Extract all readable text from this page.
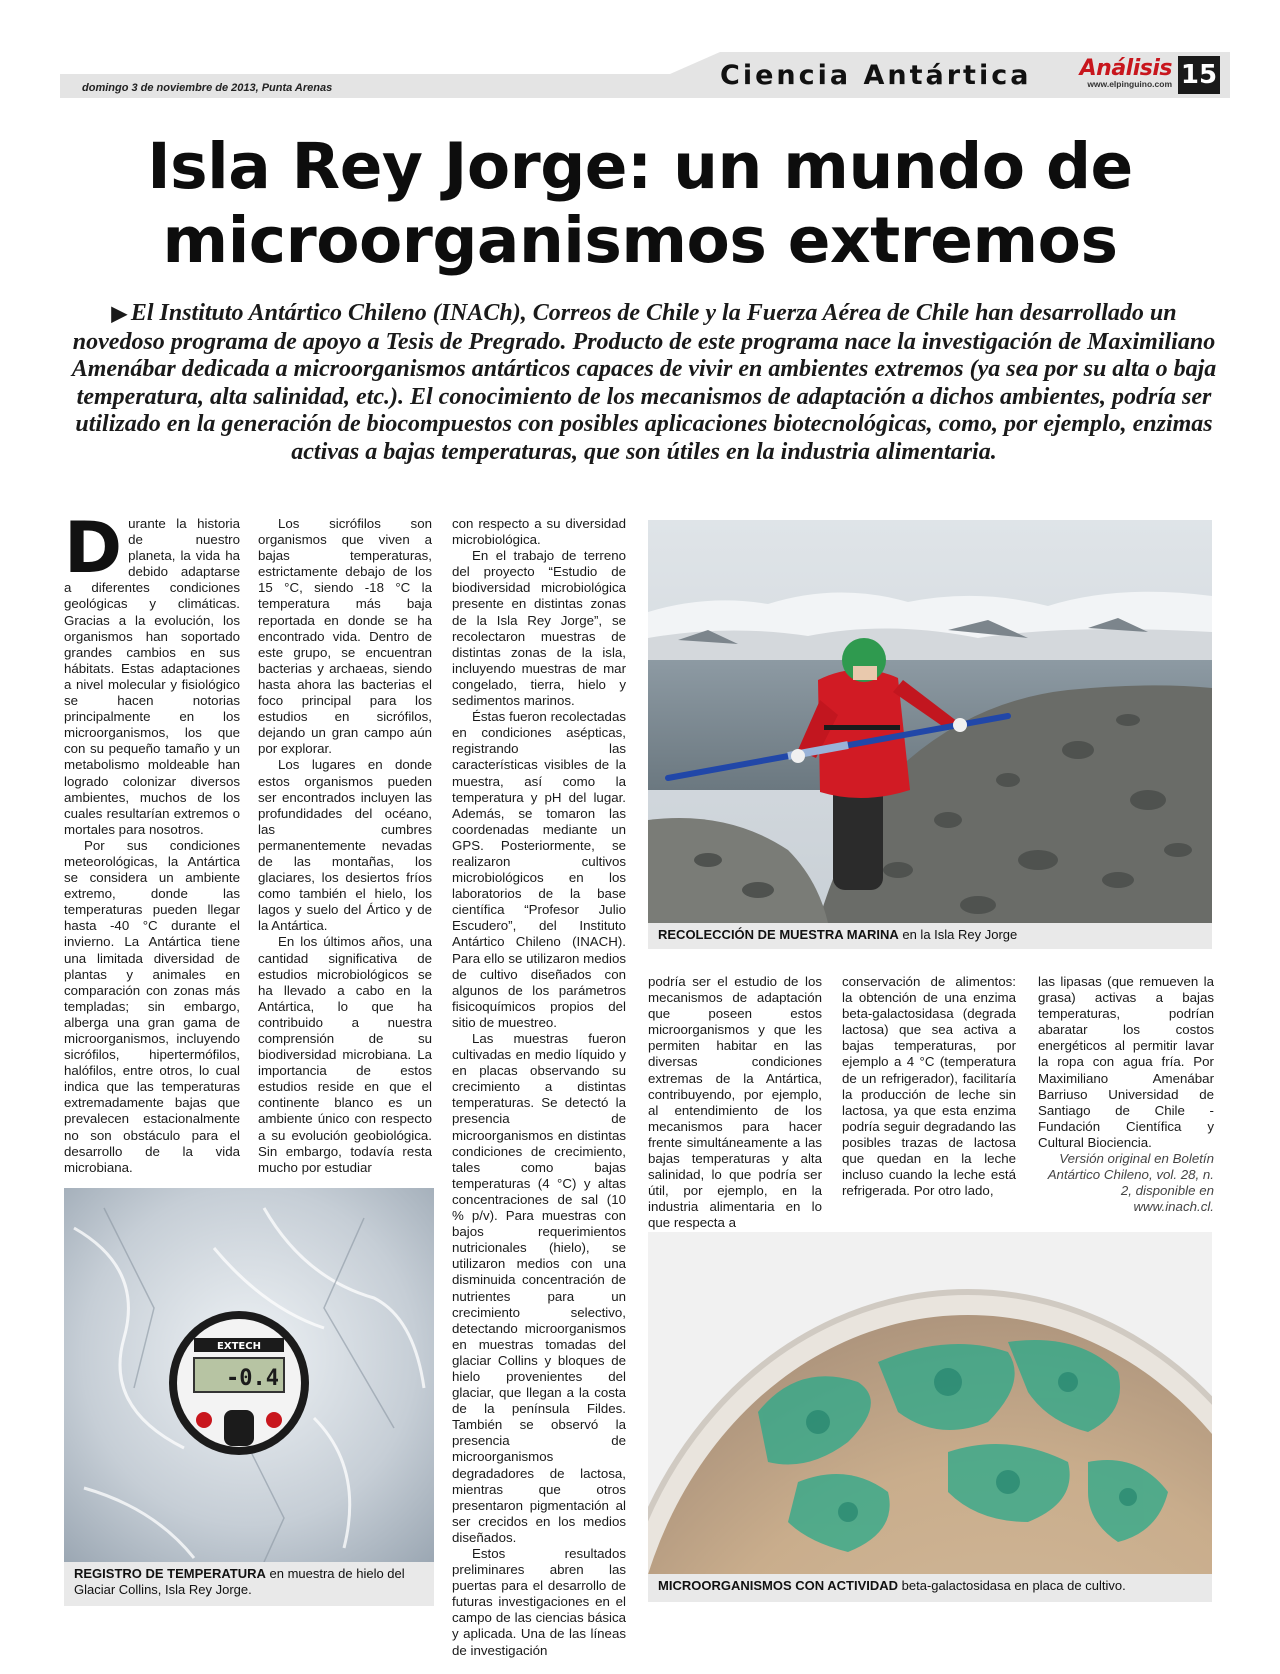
domingo 3 de noviembre de 2013, Punta Arenas	Ciencia Antártica	Análisis
www.elpinguino.com 15
Isla Rey Jorge: un mundo de
microorganismos extremos
▶ El Instituto Antártico Chileno (INACh), Correos de Chile y la Fuerza Aérea de Chile han desarrollado un novedoso programa de apoyo a Tesis de Pregrado. Producto de este programa nace la investigación de Maximiliano Amenábar dedicada a microorganismos antárticos capaces de vivir en ambientes extremos (ya sea por su alta o baja temperatura, alta salinidad, etc.). El conocimiento de los mecanismos de adaptación a dichos ambientes, podría ser utilizado en la generación de biocompuestos con posibles aplicaciones biotecnológicas, como, por ejemplo, enzimas activas a bajas temperaturas, que son útiles en la industria alimentaria.

Durante la historia de nuestro planeta, la vida ha debido adaptarse a diferentes condiciones geológicas y climáticas. Gracias a la evolución, los organismos han soportado grandes cambios en sus hábitats. Estas adaptaciones a nivel molecular y fisiológico se hacen notorias principalmente en los microorganismos, los que con su pequeño tamaño y un metabolismo moldeable han logrado colonizar diversos ambientes, muchos de los cuales resultarían extremos o mortales para nosotros.

Por sus condiciones meteorológicas, la Antártica se considera un ambiente extremo, donde las temperaturas pueden llegar hasta -40 °C durante el invierno. La Antártica tiene una limitada diversidad de plantas y animales en comparación con zonas más templadas; sin embargo, alberga una gran gama de microorganismos, incluyendo sicrófilos, hipertermófilos, halófilos, entre otros, lo cual indica que las temperaturas extremadamente bajas que prevalecen estacionalmente no son obstáculo para el desarrollo de la vida microbiana.

Los sicrófilos son organismos que viven a bajas temperaturas, estrictamente debajo de los 15 °C, siendo -18 °C la temperatura más baja reportada en donde se ha encontrado vida. Dentro de este grupo, se encuentran bacterias y archaeas, siendo hasta ahora las bacterias el foco principal para los estudios en sicrófilos, dejando un gran campo aún por explorar.

Los lugares en donde estos organismos pueden ser encontrados incluyen las profundidades del océano, las cumbres permanentemente nevadas de las montañas, los glaciares, los desiertos fríos como también el hielo, los lagos y suelo del Ártico y de la Antártica.

En los últimos años, una cantidad significativa de estudios microbiológicos se ha llevado a cabo en la Antártica, lo que ha contribuido a nuestra comprensión de su biodiversidad microbiana. La importancia de estos estudios reside en que el continente blanco es un ambiente único con respecto a su evolución geobiológica. Sin embargo, todavía resta mucho por estudiar

con respecto a su diversidad microbiológica.

En el trabajo de terreno del proyecto “Estudio de biodiversidad microbiológica presente en distintas zonas de la Isla Rey Jorge”, se recolectaron muestras de distintas zonas de la isla, incluyendo muestras de mar congelado, tierra, hielo y sedimentos marinos.

Éstas fueron recolectadas en condiciones asépticas, registrando las características visibles de la muestra, así como la temperatura y pH del lugar. Además, se tomaron las coordenadas mediante un GPS. Posteriormente, se realizaron cultivos microbiológicos en los laboratorios de la base científica “Profesor Julio Escudero”, del Instituto Antártico Chileno (INACH). Para ello se utilizaron medios de cultivo diseñados con algunos de los parámetros fisicoquímicos propios del sitio de muestreo.

Las muestras fueron cultivadas en medio líquido y en placas observando su crecimiento a distintas temperaturas. Se detectó la presencia de microorganismos en distintas condiciones de crecimiento, tales como bajas temperaturas (4 °C) y altas concentraciones de sal (10 % p/v). Para muestras con bajos requerimientos nutricionales (hielo), se utilizaron medios con una disminuida concentración de nutrientes para un crecimiento selectivo, detectando microorganismos en muestras tomadas del glaciar Collins y bloques de hielo provenientes del glaciar, que llegan a la costa de la península Fildes. También se observó la presencia de microorganismos degradadores de lactosa, mientras que otros presentaron pigmentación al ser crecidos en los medios diseñados.

Estos resultados preliminares abren las puertas para el desarrollo de futuras investigaciones en el campo de las ciencias básica y aplicada. Una de las líneas de investigación

podría ser el estudio de los mecanismos de adaptación que poseen estos microorganismos y que les permiten habitar en las diversas condiciones extremas de la Antártica, contribuyendo, por ejemplo, al entendimiento de los mecanismos para hacer frente simultáneamente a las bajas temperaturas y alta salinidad, lo que podría ser útil, por ejemplo, en la industria alimentaria en lo que respecta a

conservación de alimentos: la obtención de una enzima beta-galactosidasa (degrada lactosa) que sea activa a bajas temperaturas, por ejemplo a 4 °C (temperatura de un refrigerador), facilitaría la producción de leche sin lactosa, ya que esta enzima podría seguir degradando las posibles trazas de lactosa que quedan en la leche incluso cuando la leche está refrigerada. Por otro lado,

las lipasas (que remueven la grasa) activas a bajas temperaturas, podrían abaratar los costos energéticos al permitir lavar la ropa con agua fría. Por Maximiliano Amenábar Barriuso Universidad de Santiago de Chile - Fundación Científica y Cultural Biociencia.

Versión original en Boletín Antártico Chileno, vol. 28, n. 2, disponible en www.inach.cl.

RECOLECCIÓN DE MUESTRA MARINA en la Isla Rey Jorge
-0.4
EXTECH
REGISTRO DE TEMPERATURA en muestra de hielo del Glaciar Collins, Isla Rey Jorge.	MICROORGANISMOS CON ACTIVIDAD beta-galactosidasa en placa de cultivo.
